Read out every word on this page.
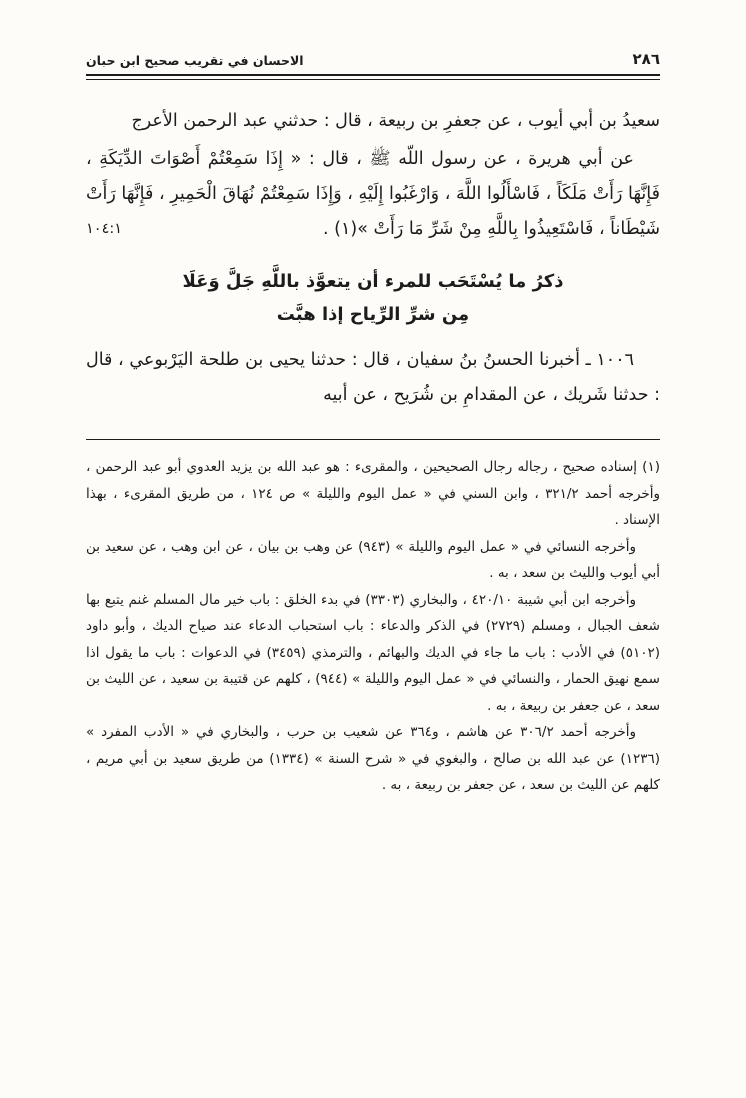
٢٨٦
الاحسان في تقريب صحيح ابن حبان

سعيدُ بن أبي أيوب ، عن جعفرِ بن ربيعة ، قال : حدثني عبد الرحمن الأعرج

عن أبي هريرة ، عن رسول اللّه ﷺ ، قال : « إِذَا سَمِعْتُمْ أَصْوَاتَ الدِّيَكَةِ ، فَإِنَّهَا رَأَتْ مَلَكَاً ، فَاسْأَلُوا اللَّهَ ، وَارْغَبُوا إِلَيْهِ ، وَإِذَا سَمِعْتُمْ نُهَاقَ الْحَمِيرِ ، فَإِنَّهَا رَأَتْ شَيْطَاناً ، فَاسْتَعِيذُوا بِاللَّهِ مِنْ شَرِّ مَا رَأَتْ »(١) .
١٠٤:١

ذكرُ ما يُسْتَحَب للمرء أن يتعوَّذ باللَّهِ جَلَّ وَعَلَا
مِن شرِّ الرِّياح إذا هبَّت

١٠٠٦ ـ أخبرنا الحسنُ بنُ سفيان ، قال : حدثنا يحيى بن طلحة اليَرْبوعي ، قال : حدثنا شَريك ، عن المقدامِ بن شُرَيح ، عن أبيه

(١) إسناده صحيح ، رجاله رجال الصحيحين ، والمقرىء : هو عبد الله بن يزيد العدوي أبو عبد الرحمن ، وأخرجه أحمد ٣٢١/٢ ، وابن السني في « عمل اليوم والليلة » ص ١٢٤ ، من طريق المقرىء ، بهذا الإسناد .

وأخرجه النسائي في « عمل اليوم والليلة » (٩٤٣) عن وهب بن بيان ، عن ابن وهب ، عن سعيد بن أبي أيوب والليث بن سعد ، به .

وأخرجه ابن أبي شيبة ٤٢٠/١٠ ، والبخاري (٣٣٠٣) في بدء الخلق : باب خير مال المسلم غنم يتبع بها شعف الجبال ، ومسلم (٢٧٢٩) في الذكر والدعاء : باب استحباب الدعاء عند صياح الديك ، وأبو داود (٥١٠٢) في الأدب : باب ما جاء في الديك والبهائم ، والترمذي (٣٤٥٩) في الدعوات : باب ما يقول اذا سمع نهيق الحمار ، والنسائي في « عمل اليوم والليلة » (٩٤٤) ، كلهم عن قتيبة بن سعيد ، عن الليث بن سعد ، عن جعفر بن ربيعة ، به .

وأخرجه أحمد ٣٠٦/٢ عن هاشم ، و٣٦٤ عن شعيب بن حرب ، والبخاري في « الأدب المفرد » (١٢٣٦) عن عبد الله بن صالح ، والبغوي في « شرح السنة » (١٣٣٤) من طريق سعيد بن أبي مريم ، كلهم عن الليث بن سعد ، عن جعفر بن ربيعة ، به .
